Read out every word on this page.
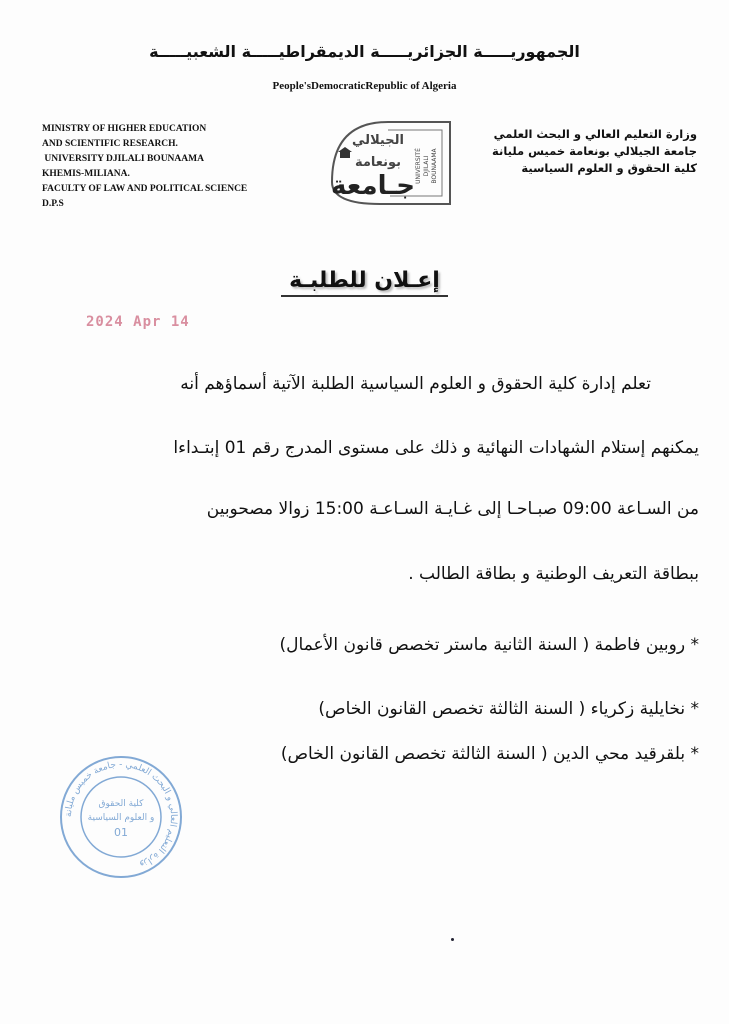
الجمهوريـــــة الجزائريـــــة الديمقراطيـــــة الشعبيـــــة
People'sDemocraticRepublic of Algeria
MINISTRY OF HIGHER EDUCATION
AND SCIENTIFIC RESEARCH.
UNIVERSITY DJILALI BOUNAAMA
KHEMIS-MILIANA.
FACULTY OF LAW AND POLITICAL SCIENCE
D.P.S
وزارة التعليم العالي و البحث العلمي
جامعة الجيلالي بونعامة خميس مليانة
كلية الحقوق و العلوم السياسية
الجيلالي
بونعامة
جـامعة
UNIVERSITÉ DJILALI BOUNAAMA
إعـلان للطلبـة
2024 Apr 14
تعلم إدارة كلية الحقوق و العلوم السياسية الطلبة الآتية أسماؤهم أنه
يمكنهم إستلام الشهادات النهائية و ذلك على مستوى المدرج رقم 01 إبتـداءا
من السـاعة 09:00 صبـاحـا إلى غـايـة السـاعـة 15:00 زوالا مصحوبين
ببطاقة التعريف الوطنية و بطاقة الطالب .
* روبين فاطمة ( السنة الثانية ماستر تخصص قانون الأعمال)
* نخايلية زكرياء ( السنة الثالثة تخصص القانون الخاص)
* بلقرقيد محي الدين ( السنة الثالثة تخصص القانون الخاص)
وزارة التعليم العالي و البحث العلمي - جامعة خميس مليانة
كلية الحقوق
و العلوم السياسية
01
